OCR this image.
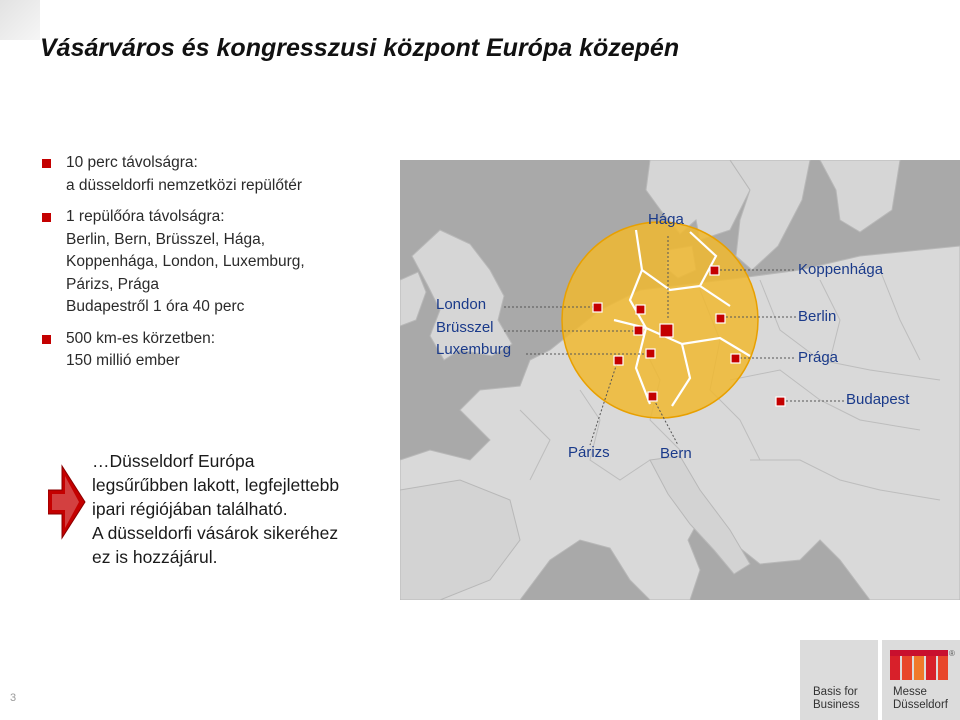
Vásárváros és kongresszusi központ Európa közepén
10 perc távolságra:
a düsseldorfi nemzetközi repülőtér
1 repülőóra távolságra:
Berlin, Bern, Brüsszel, Hága,
Koppenhága, London, Luxemburg,
Párizs, Prága
Budapestről 1 óra 40 perc
500 km-es körzetben:
150 millió ember
…Düsseldorf Európa
legsűrűbben lakott, legfejlettebb
ipari régiójában található.
A düsseldorfi vásárok sikeréhez
ez is hozzájárul.
Hága
London
Brüsszel
Luxemburg
Koppenhága
Berlin
Prága
Budapest
Párizs	Bern
®
Basis for
Business
Messe
Düsseldorf
3
